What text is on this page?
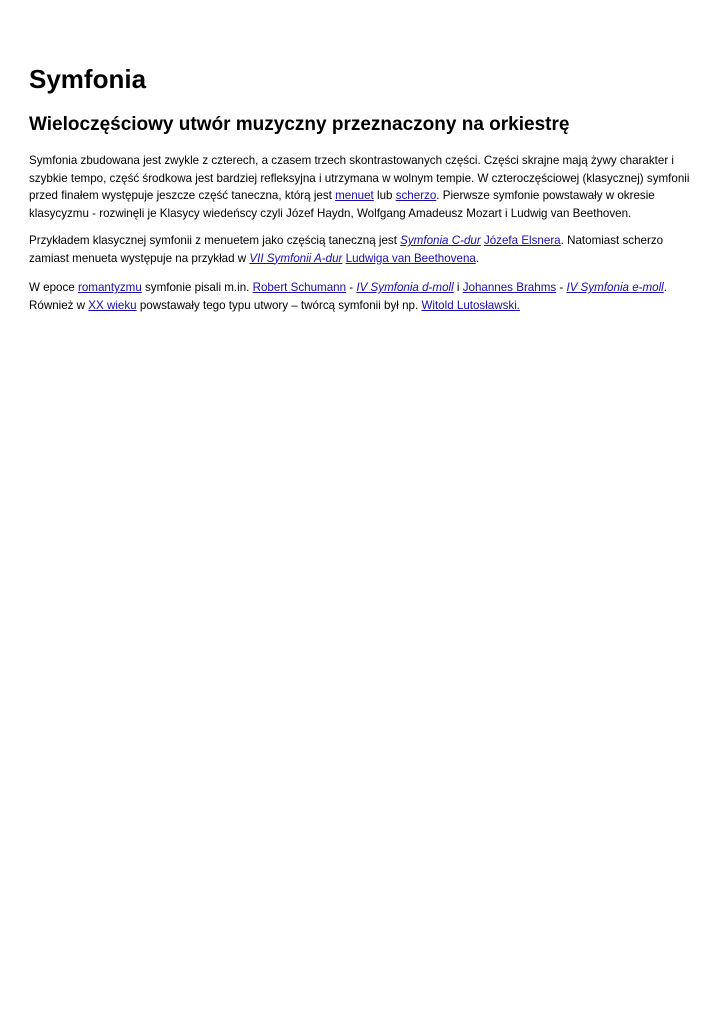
Symfonia
Wieloczęściowy utwór muzyczny przeznaczony na orkiestrę

Symfonia zbudowana jest zwykle z czterech, a czasem trzech skontrastowanych części. Części skrajne mają żywy charakter i szybkie tempo, część środkowa jest bardziej refleksyjna i utrzymana w wolnym tempie. W czteroczęściowej (klasycznej) symfonii przed finałem występuje jeszcze część taneczna, którą jest menuet lub scherzo. Pierwsze symfonie powstawały w okresie klasycyzmu - rozwinęli je Klasycy wiedeńscy czyli Józef Haydn, Wolfgang Amadeusz Mozart i Ludwig van Beethoven.

Przykładem klasycznej symfonii z menuetem jako częścią taneczną jest Symfonia C-dur Józefa Elsnera. Natomiast scherzo zamiast menueta występuje na przykład w VII Symfonii A-dur Ludwiga van Beethovena.

W epoce romantyzmu symfonie pisali m.in. Robert Schumann - IV Symfonia d-moll i Johannes Brahms - IV Symfonia e-moll. Również w XX wieku powstawały tego typu utwory – twórcą symfonii był np. Witold Lutosławski.
